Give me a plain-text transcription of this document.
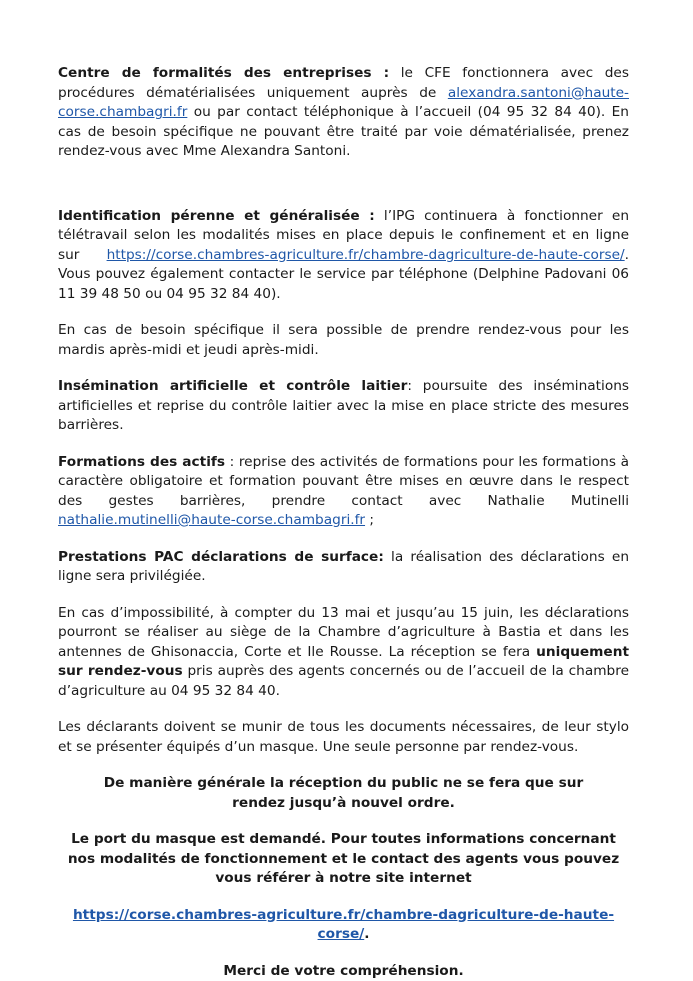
Centre de formalités des entreprises : le CFE fonctionnera avec des procédures dématérialisées uniquement auprès de alexandra.santoni@haute-corse.chambagri.fr ou par contact téléphonique à l’accueil (04 95 32 84 40). En cas de besoin spécifique ne pouvant être traité par voie dématérialisée, prenez rendez-vous avec Mme Alexandra Santoni.

Identification pérenne et généralisée : l’IPG continuera à fonctionner en télétravail selon les modalités mises en place depuis le confinement et en ligne sur https://corse.chambres-agriculture.fr/chambre-dagriculture-de-haute-corse/. Vous pouvez également contacter le service par téléphone (Delphine Padovani 06 11 39 48 50 ou 04 95 32 84 40).

En cas de besoin spécifique il sera possible de prendre rendez-vous pour les mardis après-midi et jeudi après-midi.

Insémination artificielle et contrôle laitier: poursuite des inséminations artificielles et reprise du contrôle laitier avec la mise en place stricte des mesures barrières.

Formations des actifs : reprise des activités de formations pour les formations à caractère obligatoire et formation pouvant être mises en œuvre dans le respect des gestes barrières, prendre contact avec Nathalie Mutinelli nathalie.mutinelli@haute-corse.chambagri.fr ;

Prestations PAC déclarations de surface: la réalisation des déclarations en ligne sera privilégiée.

En cas d’impossibilité, à compter du 13 mai et jusqu’au 15 juin, les déclarations pourront se réaliser au siège de la Chambre d’agriculture à Bastia et dans les antennes de Ghisonaccia, Corte et Ile Rousse. La réception se fera uniquement sur rendez-vous pris auprès des agents concernés ou de l’accueil de la chambre d’agriculture au 04 95 32 84 40.

Les déclarants doivent se munir de tous les documents nécessaires, de leur stylo et se présenter équipés d’un masque. Une seule personne par rendez-vous.

De manière générale la réception du public ne se fera que sur rendez jusqu’à nouvel ordre.

Le port du masque est demandé. Pour toutes informations concernant nos modalités de fonctionnement et le contact des agents vous pouvez vous référer à notre site internet

https://corse.chambres-agriculture.fr/chambre-dagriculture-de-haute-corse/.

Merci de votre compréhension.
